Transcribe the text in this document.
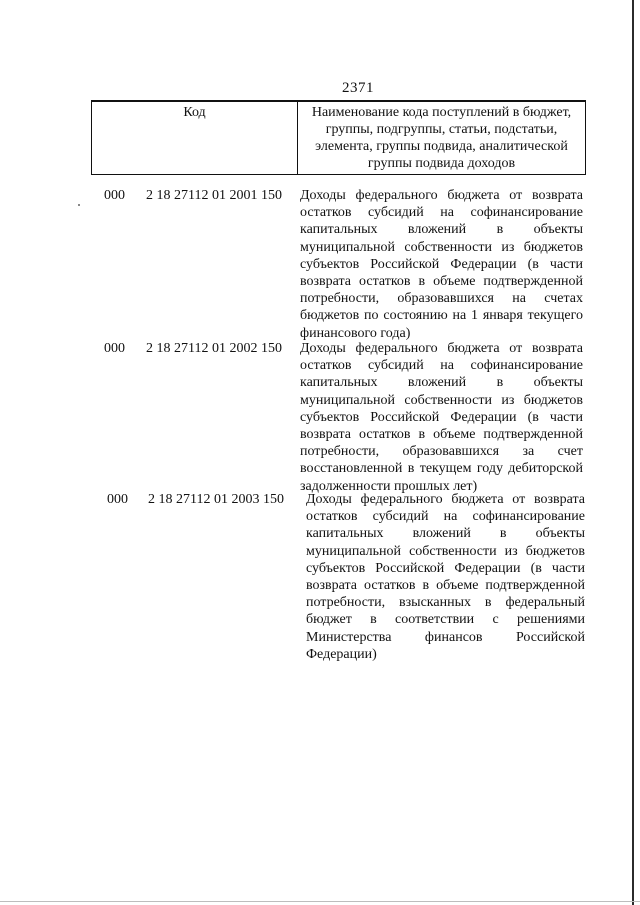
2371
Код	Наименование кода поступлений в бюджет, группы, подгруппы, статьи, подстатьи, элемента, группы подвида, аналитической группы подвида доходов
000 2 18 27112 01 2001 150 Доходы федерального бюджета от возврата остатков субсидий на софинансирование капитальных вложений в объекты муниципальной собственности из бюджетов субъектов Российской Федерации (в части возврата остатков в объеме подтвержденной потребности, образовавшихся на счетах бюджетов по состоянию на 1 января текущего финансового года)
000 2 18 27112 01 2002 150 Доходы федерального бюджета от возврата остатков субсидий на софинансирование капитальных вложений в объекты муниципальной собственности из бюджетов субъектов Российской Федерации (в части возврата остатков в объеме подтвержденной потребности, образовавшихся за счет восстановленной в текущем году дебиторской задолженности прошлых лет)
000 2 18 27112 01 2003 150 Доходы федерального бюджета от возврата остатков субсидий на софинансирование капитальных вложений в объекты муниципальной собственности из бюджетов субъектов Российской Федерации (в части возврата остатков в объеме подтвержденной потребности, взысканных в федеральный бюджет в соответствии с решениями Министерства финансов Российской Федерации)
